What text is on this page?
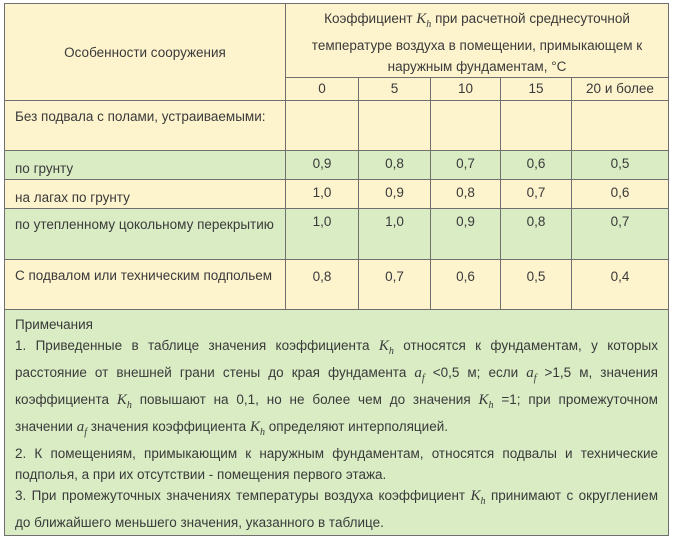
Особенности сооружения	Коэффициент $K_h$ при расчетной среднесуточной температуре воздуха в помещении, примыкающем к наружным фундаментам, °С				
	0	5	10	15	20 и более
Без подвала с полами, устраиваемыми:					
по грунту	0,9	0,8	0,7	0,6	0,5
на лагах по грунту	1,0	0,9	0,8	0,7	0,6
по утепленному цокольному перекрытию	1,0	1,0	0,9	0,8	0,7
С подвалом или техническим подпольем	0,8	0,7	0,6	0,5	0,4

Примечания

1. Приведенные в таблице значения коэффициента $K_h$ относятся к фундаментам, у которых расстояние от внешней грани стены до края фундамента $a_f <0,5$ м; если $a_f >1,5$ м, значения коэффициента $K_h$ повышают на 0,1, но не более чем до значения $K_h =1$; при промежуточном значении $a_f$ значения коэффициента $K_h$ определяют интерполяцией.

2. К помещениям, примыкающим к наружным фундаментам, относятся подвалы и технические подполья, а при их отсутствии - помещения первого этажа.

3. При промежуточных значениях температуры воздуха коэффициент $K_h$ принимают с округлением до ближайшего меньшего значения, указанного в таблице.					
